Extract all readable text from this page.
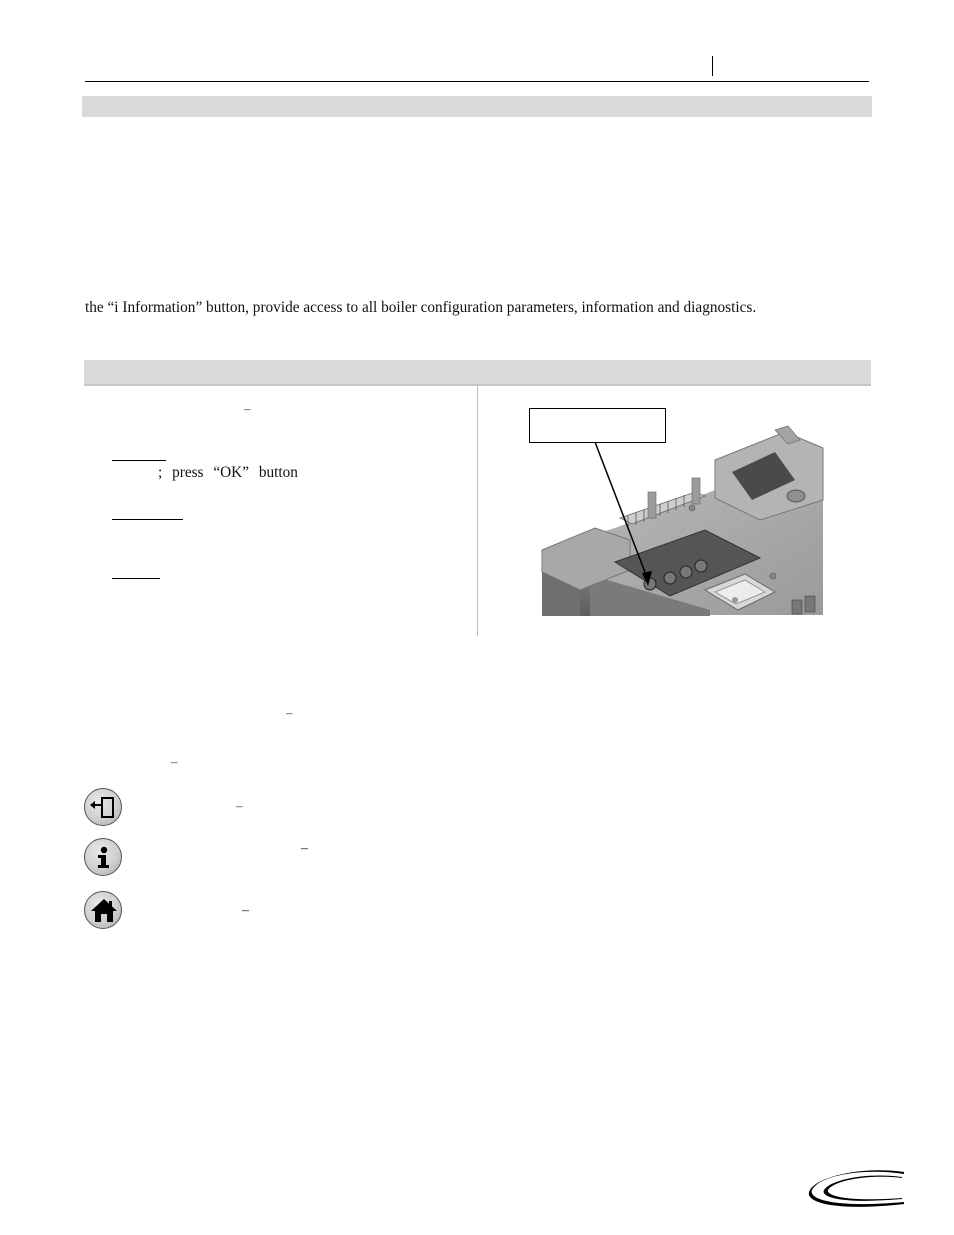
the “i Information” button, provide access to all boiler configuration parameters, information and diagnostics.
–
; press “OK” button
–
–
–
–
–
